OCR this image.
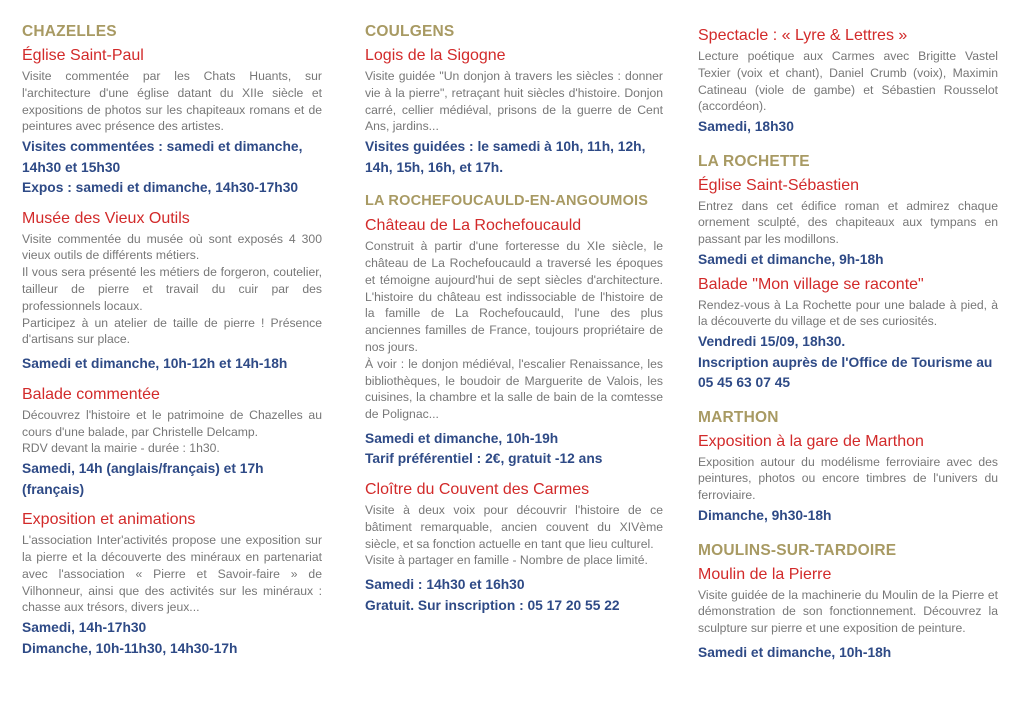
CHAZELLES

Église Saint-Paul

Visite commentée par les Chats Huants, sur l'architecture d'une église datant du XIIe siècle et expositions de photos sur les chapiteaux romans et de peintures avec présence des artistes.

Visites commentées : samedi et dimanche, 14h30 et 15h30
Expos : samedi et dimanche, 14h30-17h30

Musée des Vieux Outils

Visite commentée du musée où sont exposés 4 300 vieux outils de différents métiers.
Il vous sera présenté les métiers de forgeron, coutelier, tailleur de pierre et travail du cuir par des professionnels locaux.
Participez à un atelier de taille de pierre ! Présence d'artisans sur place.

Samedi et dimanche, 10h-12h et 14h-18h

Balade commentée

Découvrez l'histoire et le patrimoine de Chazelles au cours d'une balade, par Christelle Delcamp.
RDV devant la mairie - durée : 1h30.

Samedi, 14h (anglais/français) et 17h (français)

Exposition et animations

L'association Inter'activités propose une exposition sur la pierre et la découverte des minéraux en partenariat avec l'association « Pierre et Savoir-faire » de Vilhonneur, ainsi que des activités sur les minéraux : chasse aux trésors, divers jeux...

Samedi, 14h-17h30
Dimanche, 10h-11h30, 14h30-17h

COULGENS

Logis de la Sigogne

Visite guidée "Un donjon à travers les siècles : donner vie à la pierre", retraçant huit siècles d'histoire. Donjon carré, cellier médiéval, prisons de la guerre de Cent Ans, jardins...

Visites guidées : le samedi à 10h, 11h, 12h, 14h, 15h, 16h, et 17h.

LA ROCHEFOUCAULD-EN-ANGOUMOIS

Château de La Rochefoucauld

Construit à partir d'une forteresse du XIe siècle, le château de La Rochefoucauld a traversé les époques et témoigne aujourd'hui de sept siècles d'architecture. L'histoire du château est indissociable de l'histoire de la famille de La Rochefoucauld, l'une des plus anciennes familles de France, toujours propriétaire de nos jours.
À voir : le donjon médiéval, l'escalier Renaissance, les bibliothèques, le boudoir de Marguerite de Valois, les cuisines, la chambre et la salle de bain de la comtesse de Polignac...

Samedi et dimanche, 10h-19h
Tarif préférentiel : 2€, gratuit -12 ans

Cloître du Couvent des Carmes

Visite à deux voix pour découvrir l'histoire de ce bâtiment remarquable, ancien couvent du XIVème siècle, et sa fonction actuelle en tant que lieu culturel.
Visite à partager en famille - Nombre de place limité.

Samedi : 14h30 et 16h30
Gratuit. Sur inscription : 05 17 20 55 22

Spectacle : « Lyre & Lettres »

Lecture poétique aux Carmes avec Brigitte Vastel Texier (voix et chant), Daniel Crumb (voix), Maximin Catineau (viole de gambe) et Sébastien Rousselot (accordéon).

Samedi, 18h30

LA ROCHETTE

Église Saint-Sébastien

Entrez dans cet édifice roman et admirez chaque ornement sculpté, des chapiteaux aux tympans en passant par les modillons.

Samedi et dimanche, 9h-18h

Balade "Mon village se raconte"

Rendez-vous à La Rochette pour une balade à pied, à la découverte du village et de ses curiosités.

Vendredi 15/09, 18h30.
Inscription auprès de l'Office de Tourisme au 05 45 63 07 45

MARTHON

Exposition à la gare de Marthon

Exposition autour du modélisme ferroviaire avec des peintures, photos ou encore timbres de l'univers du ferroviaire.

Dimanche, 9h30-18h

MOULINS-SUR-TARDOIRE

Moulin de la Pierre

Visite guidée de la machinerie du Moulin de la Pierre et démonstration de son fonctionnement. Découvrez la sculpture sur pierre et une exposition de peinture.

Samedi et dimanche, 10h-18h
